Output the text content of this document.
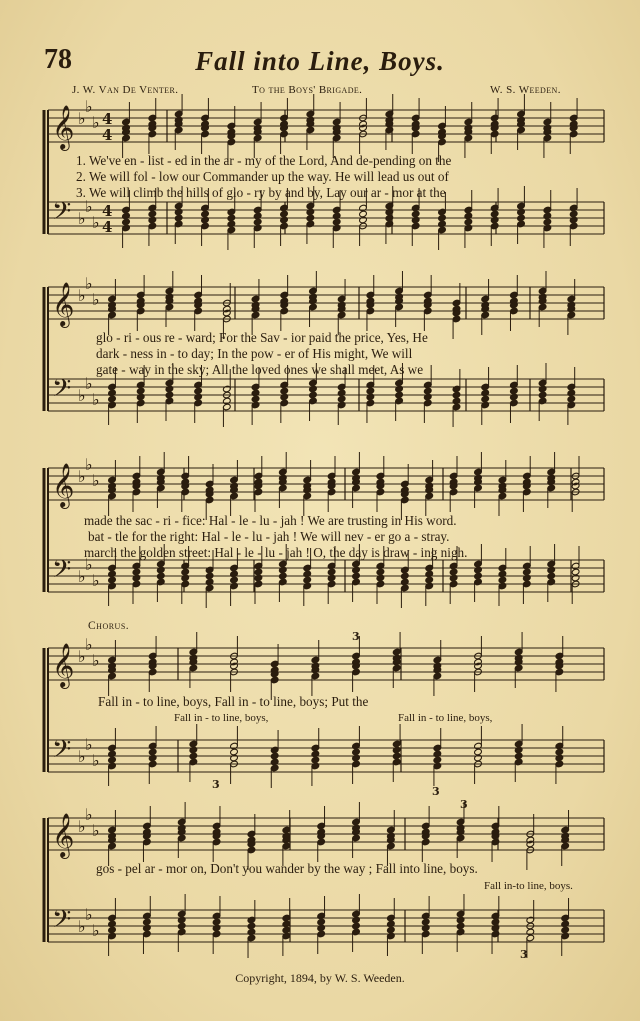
78	Fall into Line, Boys.
J. W. Van De Venter.	To the Boys' Brigade.	W. S. Weeden.
1. We've en - list - ed in the ar - my of the Lord, And de-pending on the
2. We will fol - low our Commander up the way. He will lead us out of
3. We will climb the hills of glo - ry by and by, Lay our ar - mor at the
glo - ri - ous re - ward; For the Sav - ior paid the price, Yes, He
dark - ness in - to day; In the pow - er of His might, We will
gate - way in the sky; All the loved ones we shall meet, As we
made the sac - ri - fice: Hal - le - lu - jah ! We are trusting in His word.
bat - tle for the right: Hal - le - lu - jah ! We will nev - er go a - stray.
march the golden street: Hal - le - lu - jah ! O, the day is draw - ing nigh.
Chorus.
Fall in - to line, boys, Fall in - to line, boys; Put the
Fall in - to line, boys,	Fall in - to line, boys,
gos - pel ar - mor on, Don't you wander by the way ; Fall into line, boys.
Fall in-to line, boys.
Copyright, 1894, by W. S. Weeden.
𝄞
𝄢
♭
♭
♭
♭
♭
♭
4
4
4
4
𝄞
𝄢
♭
♭
♭
♭
♭
♭
𝄞
𝄢
♭
♭
♭
♭
♭
♭
𝄞
𝄢
♭
♭
♭
♭
♭
♭
𝄞
𝄢
♭
♭
♭
♭
♭
♭
3
3
3
3
3
